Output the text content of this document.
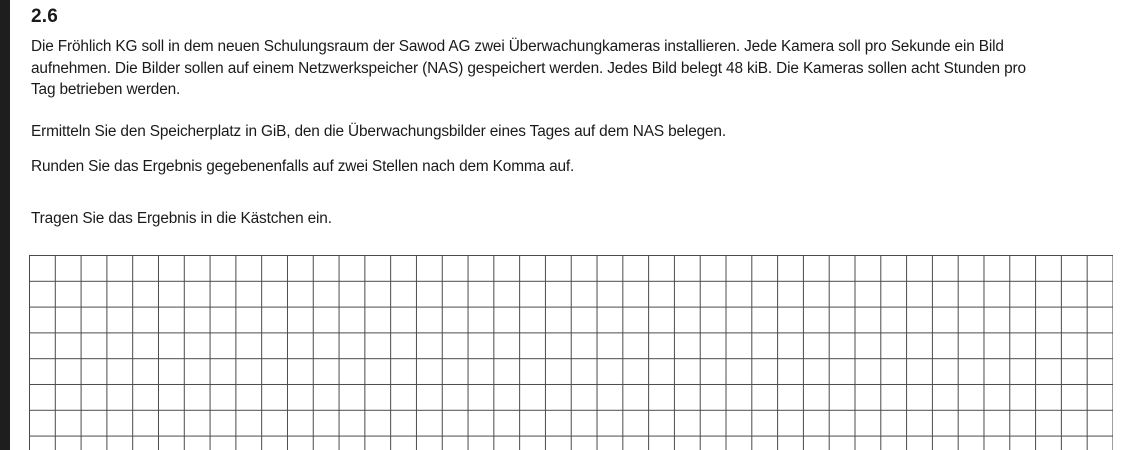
2.6

Die Fröhlich KG soll in dem neuen Schulungsraum der Sawod AG zwei Überwachungkameras installieren. Jede Kamera soll pro Sekunde ein Bild
aufnehmen. Die Bilder sollen auf einem Netzwerkspeicher (NAS) gespeichert werden. Jedes Bild belegt 48 kiB. Die Kameras sollen acht Stunden pro
Tag betrieben werden.

Ermitteln Sie den Speicherplatz in GiB, den die Überwachungsbilder eines Tages auf dem NAS belegen.

Runden Sie das Ergebnis gegebenenfalls auf zwei Stellen nach dem Komma auf.

Tragen Sie das Ergebnis in die Kästchen ein.
